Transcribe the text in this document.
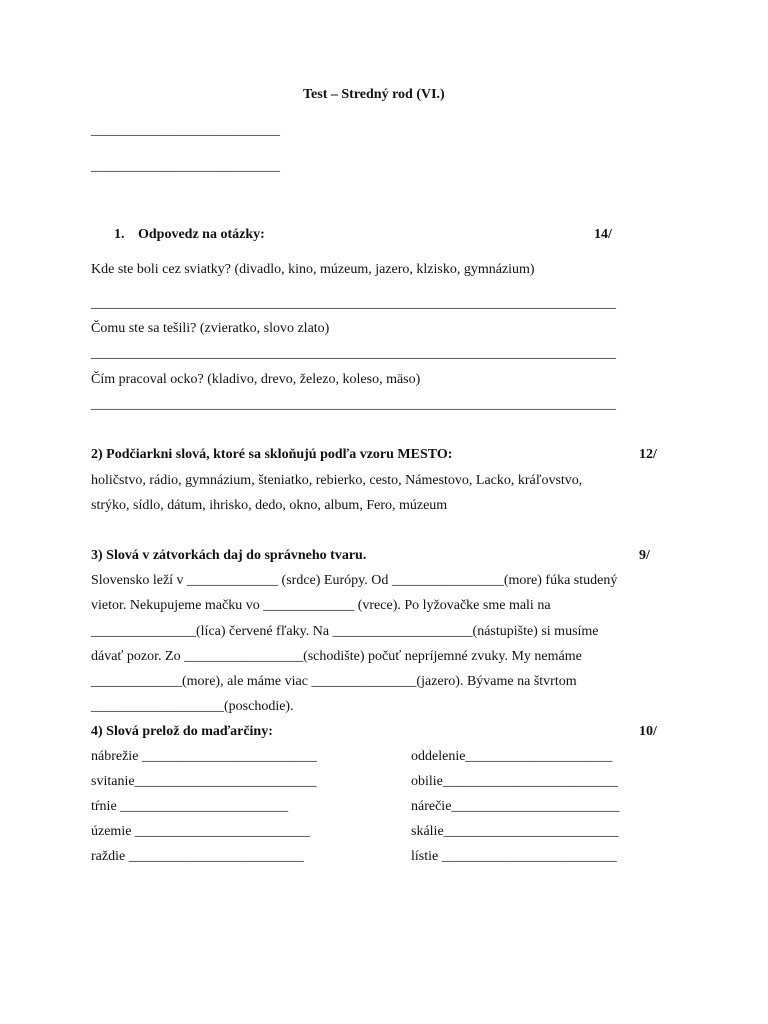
Test – Stredný rod (VI.)
___________________________
___________________________
1. Odpovedz na otázky:	14/
Kde ste boli cez sviatky? (divadlo, kino, múzeum, jazero, klzisko, gymnázium)
___________________________________________________________________________
Čomu ste sa tešili? (zvieratko, slovo zlato)
___________________________________________________________________________
Čím pracoval ocko? (kladivo, drevo, železo, koleso, mäso)
___________________________________________________________________________
2) Podčiarkni slová, ktoré sa skloňujú podľa vzoru MESTO:	12/
holičstvo, rádio, gymnázium, šteniatko, rebierko, cesto, Námestovo, Lacko, kráľovstvo,
strýko, sídlo, dátum, ihrisko, dedo, okno, album, Fero, múzeum
3) Slová v zátvorkách daj do správneho tvaru.	9/
Slovensko leží v _____________ (srdce) Európy. Od ________________(more) fúka studený
vietor. Nekupujeme mačku vo _____________ (vrece). Po lyžovačke sme mali na
_______________(líca) červené fľaky. Na ____________________(nástupište) si musíme
dávať pozor. Zo _________________(schodište) počuť nepríjemné zvuky. My nemáme
_____________(more), ale máme viac _______________(jazero). Bývame na štvrtom
___________________(poschodie).
4) Slová prelož do maďarčiny:	10/
nábrežie _________________________	oddelenie_____________________
svitanie__________________________	obilie_________________________
tŕnie ________________________	nárečie________________________
územie _________________________	skálie_________________________
raždie _________________________	lístie _________________________
